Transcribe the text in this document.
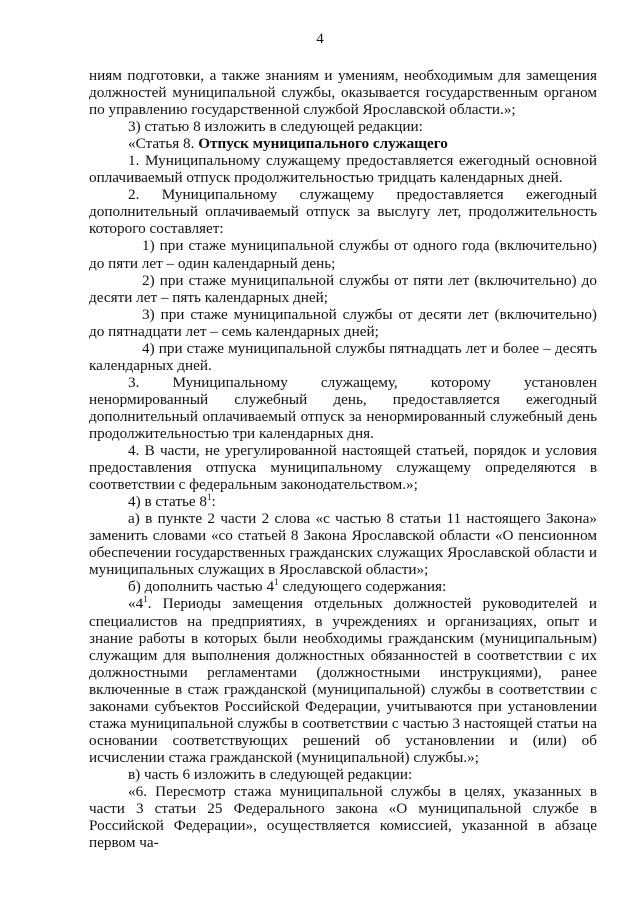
4

ниям подготовки, а также знаниям и умениям, необходимым для замещения должностей муниципальной службы, оказывается государственным органом по управлению государственной службой Ярославской области.»;

3) статью 8 изложить в следующей редакции:

«Статья 8. Отпуск муниципального служащего

1. Муниципальному служащему предоставляется ежегодный основной оплачиваемый отпуск продолжительностью тридцать календарных дней.

2. Муниципальному служащему предоставляется ежегодный дополнительный оплачиваемый отпуск за выслугу лет, продолжительность которого составляет:

1) при стаже муниципальной службы от одного года (включительно) до пяти лет – один календарный день;

2) при стаже муниципальной службы от пяти лет (включительно) до десяти лет – пять календарных дней;

3) при стаже муниципальной службы от десяти лет (включительно) до пятнадцати лет – семь календарных дней;

4) при стаже муниципальной службы пятнадцать лет и более – десять календарных дней.

3. Муниципальному служащему, которому установлен ненормированный служебный день, предоставляется ежегодный дополнительный оплачиваемый отпуск за ненормированный служебный день продолжительностью три календарных дня.

4. В части, не урегулированной настоящей статьей, порядок и условия предоставления отпуска муниципальному служащему определяются в соответствии с федеральным законодательством.»;

4) в статье $8^1$:

а) в пункте 2 части 2 слова «с частью 8 статьи 11 настоящего Закона» заменить словами «со статьей 8 Закона Ярославской области «О пенсионном обеспечении государственных гражданских служащих Ярославской области и муниципальных служащих в Ярославской области»;

б) дополнить частью $4^1$ следующего содержания:

«$4^1$. Периоды замещения отдельных должностей руководителей и специалистов на предприятиях, в учреждениях и организациях, опыт и знание работы в которых были необходимы гражданским (муниципальным) служащим для выполнения должностных обязанностей в соответствии с их должностными регламентами (должностными инструкциями), ранее включенные в стаж гражданской (муниципальной) службы в соответствии с законами субъектов Российской Федерации, учитываются при установлении стажа муниципальной службы в соответствии с частью 3 настоящей статьи на основании соответствующих решений об установлении и (или) об исчислении стажа гражданской (муниципальной) службы.»;

в) часть 6 изложить в следующей редакции:

«6. Пересмотр стажа муниципальной службы в целях, указанных в части 3 статьи 25 Федерального закона «О муниципальной службе в Российской Федерации», осуществляется комиссией, указанной в абзаце первом ча-
